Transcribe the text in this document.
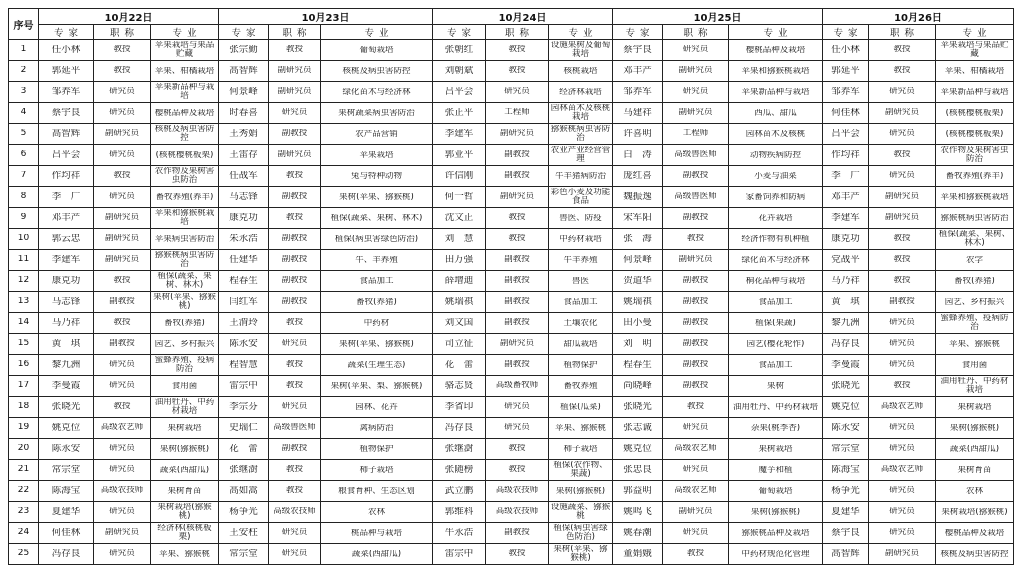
序号	10月22日			10月23日			10月24日			10月25日			10月26日		
	专家	职称	专业	专家	职称	专业	专家	职称	专业	专家	职称	专业	专家	职称	专业

1	任小林	教授	苹果栽培与果品贮藏	张宗勤	教授	葡萄栽培	张朝红	教授	设施果树及葡萄栽培	蔡宇良	研究员	樱桃品种及栽培	任小林	教授	苹果栽培与果品贮藏

2	郭延平	教授	苹果、柑橘栽培	高智辉	副研究员	核桃及病虫害防控	刘朝斌	教授	核桃栽培	邓丰产	副研究员	苹果和猕猴桃栽培	郭延平	教授	苹果、柑橘栽培

3	邹养军	研究员	苹果新品种与栽培	何景峰	副研究员	绿化苗木与经济林	吕平会	研究员	经济林栽培	邹养军	研究员	苹果新品种与栽培	邹养军	研究员	苹果新品种与栽培

4	蔡宇良	研究员	樱桃品种及栽培	时春喜	研究员	果树蔬菜病虫害防治	张正平	工程师	园林苗木及核桃栽培	马建祥	副研究员	西瓜、甜瓜	何佳林	副研究员	(核桃樱桃板栗)

5	高智辉	副研究员	核桃及病虫害防控	王秀娟	副教授	农产品营销	李建军	副研究员	猕猴桃病虫害防治	许喜明	工程师	园林苗木及核桃	吕平会	研究员	(核桃樱桃板栗)

6	吕平会	研究员	(核桃樱桃板栗)	王雷存	副研究员	苹果栽培	郭亚平	副教授	农业产业经营管理	白　涛	高级兽医师	动物疾病防控	作均祥	教授	农作物及果树害虫防治

7	作均祥	教授	农作物及果树害虫防治	任战军	教授	兔与特种动物	许信刚	副教授	牛羊猪病防治	庞红喜	副教授	小麦与油菜	李　广	研究员	畜牧养殖(养羊)

8	李　广	研究员	畜牧养殖(养羊)	马志锋	副教授	果树(苹果、猕猴桃)	何一哲	副研究员	彩色小麦及功能食品	魏振逸	高级兽医师	家畜饲养和防病	邓丰产	副研究员	苹果和猕猴桃栽培

9	邓丰产	副研究员	苹果和猕猴桃栽培	康克功	教授	植保(蔬菜、果树、林木)	沈文正	教授	兽医、防疫	宋军阳	副教授	花卉栽培	李建军	副研究员	猕猴桃病虫害防治

10	郭云忠	副研究员	苹果病虫害防治	朱永浩	副教授	植保(病虫害绿色防治)	刘　慧	教授	中药材栽培	张　海	教授	经济作物有机种植	康克功	教授	植保(蔬菜、果树、林木)

11	李建军	副研究员	猕猴桃病虫害防治	任建华	副教授	牛、羊养殖	田万强	副教授	牛羊养殖	何景峰	副研究员	绿化苗木与经济林	党战平	教授	农学

12	康克功	教授	植保(蔬菜、果树、林木)	程春生	副教授	食品加工	薛增迪	副教授	兽医	贺道华	副教授	桐花品种与栽培	马乃祥	教授	畜牧(养猪)

13	马志锋	副教授	果树(苹果、猕猴桃)	闫红军	副教授	畜牧(养猪)	姚瑞祺	副教授	食品加工	姚瑞祺	副教授	食品加工	黄　琪	副教授	园艺、乡村振兴

14	马乃祥	教授	畜牧(养猪)	王渭玲	教授	中药材	刘文国	副教授	土壤农化	田小曼	副教授	植保(果蔬)	黎九洲	研究员	蜜蜂养殖、疫病防治

15	黄　琪	副教授	园艺、乡村振兴	陈永安	研究员	果树(苹果、猕猴桃)	司立征	副研究员	甜瓜栽培	刘　明	副教授	园艺(樱花轮作)	冯存良	研究员	苹果、猕猴桃

16	黎九洲	研究员	蜜蜂养殖、疫病防治	程智慧	教授	蔬菜(生理生态)	花　蕾	副教授	植物保护	程春生	副教授	食品加工	李曼霞	研究员	食用菌

17	李曼霞	研究员	食用菌	雷宗中	教授	果树(苹果、梨、猕猴桃)	骆志贤	高级畜牧师	畜牧养殖	尚晓峰	副教授	果树	张晓光	教授	油用牡丹、中药材栽培

18	张晓光	教授	油用牡丹、中药材栽培	李宗芬	研究员	园林、花卉	李省印	研究员	植保(瓜菜)	张晓光	教授	油用牡丹、中药材栽培	姚克位	高级农艺师	果树栽培

19	姚克位	高级农艺师	果树栽培	史瑞仁	高级兽医师	禽病防治	冯存良	研究员	苹果、猕猴桃	张志诚	研究员	杂果(桃李杏)	陈永安	研究员	果树(猕猴桃)

20	陈永安	研究员	果树(猕猴桃)	花　蕾	副教授	植物保护	张继澍	教授	柿子栽培	姚克位	高级农艺师	果树栽培	常宗堂	研究员	蔬菜(西甜瓜)

21	常宗堂	研究员	蔬菜(西甜瓜)	张继澍	教授	柿子栽培	张随榜	教授	植保(农作物、果蔬)	张忠良	研究员	魔芋和植	陈海宝	高级农艺师	果树育苗

22	陈海宝	高级农技师	果树育苗	高如嵩	教授	粮食育种、生态区划	武立鹏	高级农技师	果树(猕猴桃)	郭益明	高级农艺师	葡萄栽培	杨争光	研究员	农林

23	夏建华	研究员	果树栽培(猕猴桃)	杨争光	高级农技师	农林	郭维科	高级农技师	设施蔬菜、猕猴桃	姚鸣飞	副研究员	果树(猕猴桃)	夏建华	研究员	果树栽培(猕猴桃)

24	何佳林	副研究员	经济林(核桃板栗)	王安柱	研究员	桃品种与栽培	牛永浩	副教授	植保(病虫害绿色防治)	姚春潮	研究员	猕猴桃品种及栽培	蔡宇良	研究员	樱桃品种及栽培

25	冯存良	研究员	苹果、猕猴桃	常宗堂	研究员	蔬菜(西甜瓜)	雷宗中	教授	果树(苹果、猕猴桃)	董娟娥	教授	中药材规范化管理	高智辉	副研究员	核桃及病虫害防控
